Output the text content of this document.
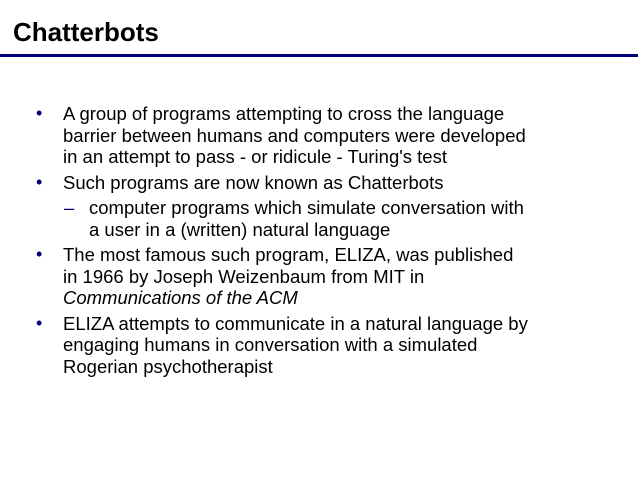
Chatterbots
• A group of programs attempting to cross the language
barrier between humans and computers were developed
in an attempt to pass - or ridicule - Turing's test
• Such programs are now known as Chatterbots
– computer programs which simulate conversation with
a user in a (written) natural language
• The most famous such program, ELIZA, was published
in 1966 by Joseph Weizenbaum from MIT in
Communications of the ACM
• ELIZA attempts to communicate in a natural language by
engaging humans in conversation with a simulated
Rogerian psychotherapist
